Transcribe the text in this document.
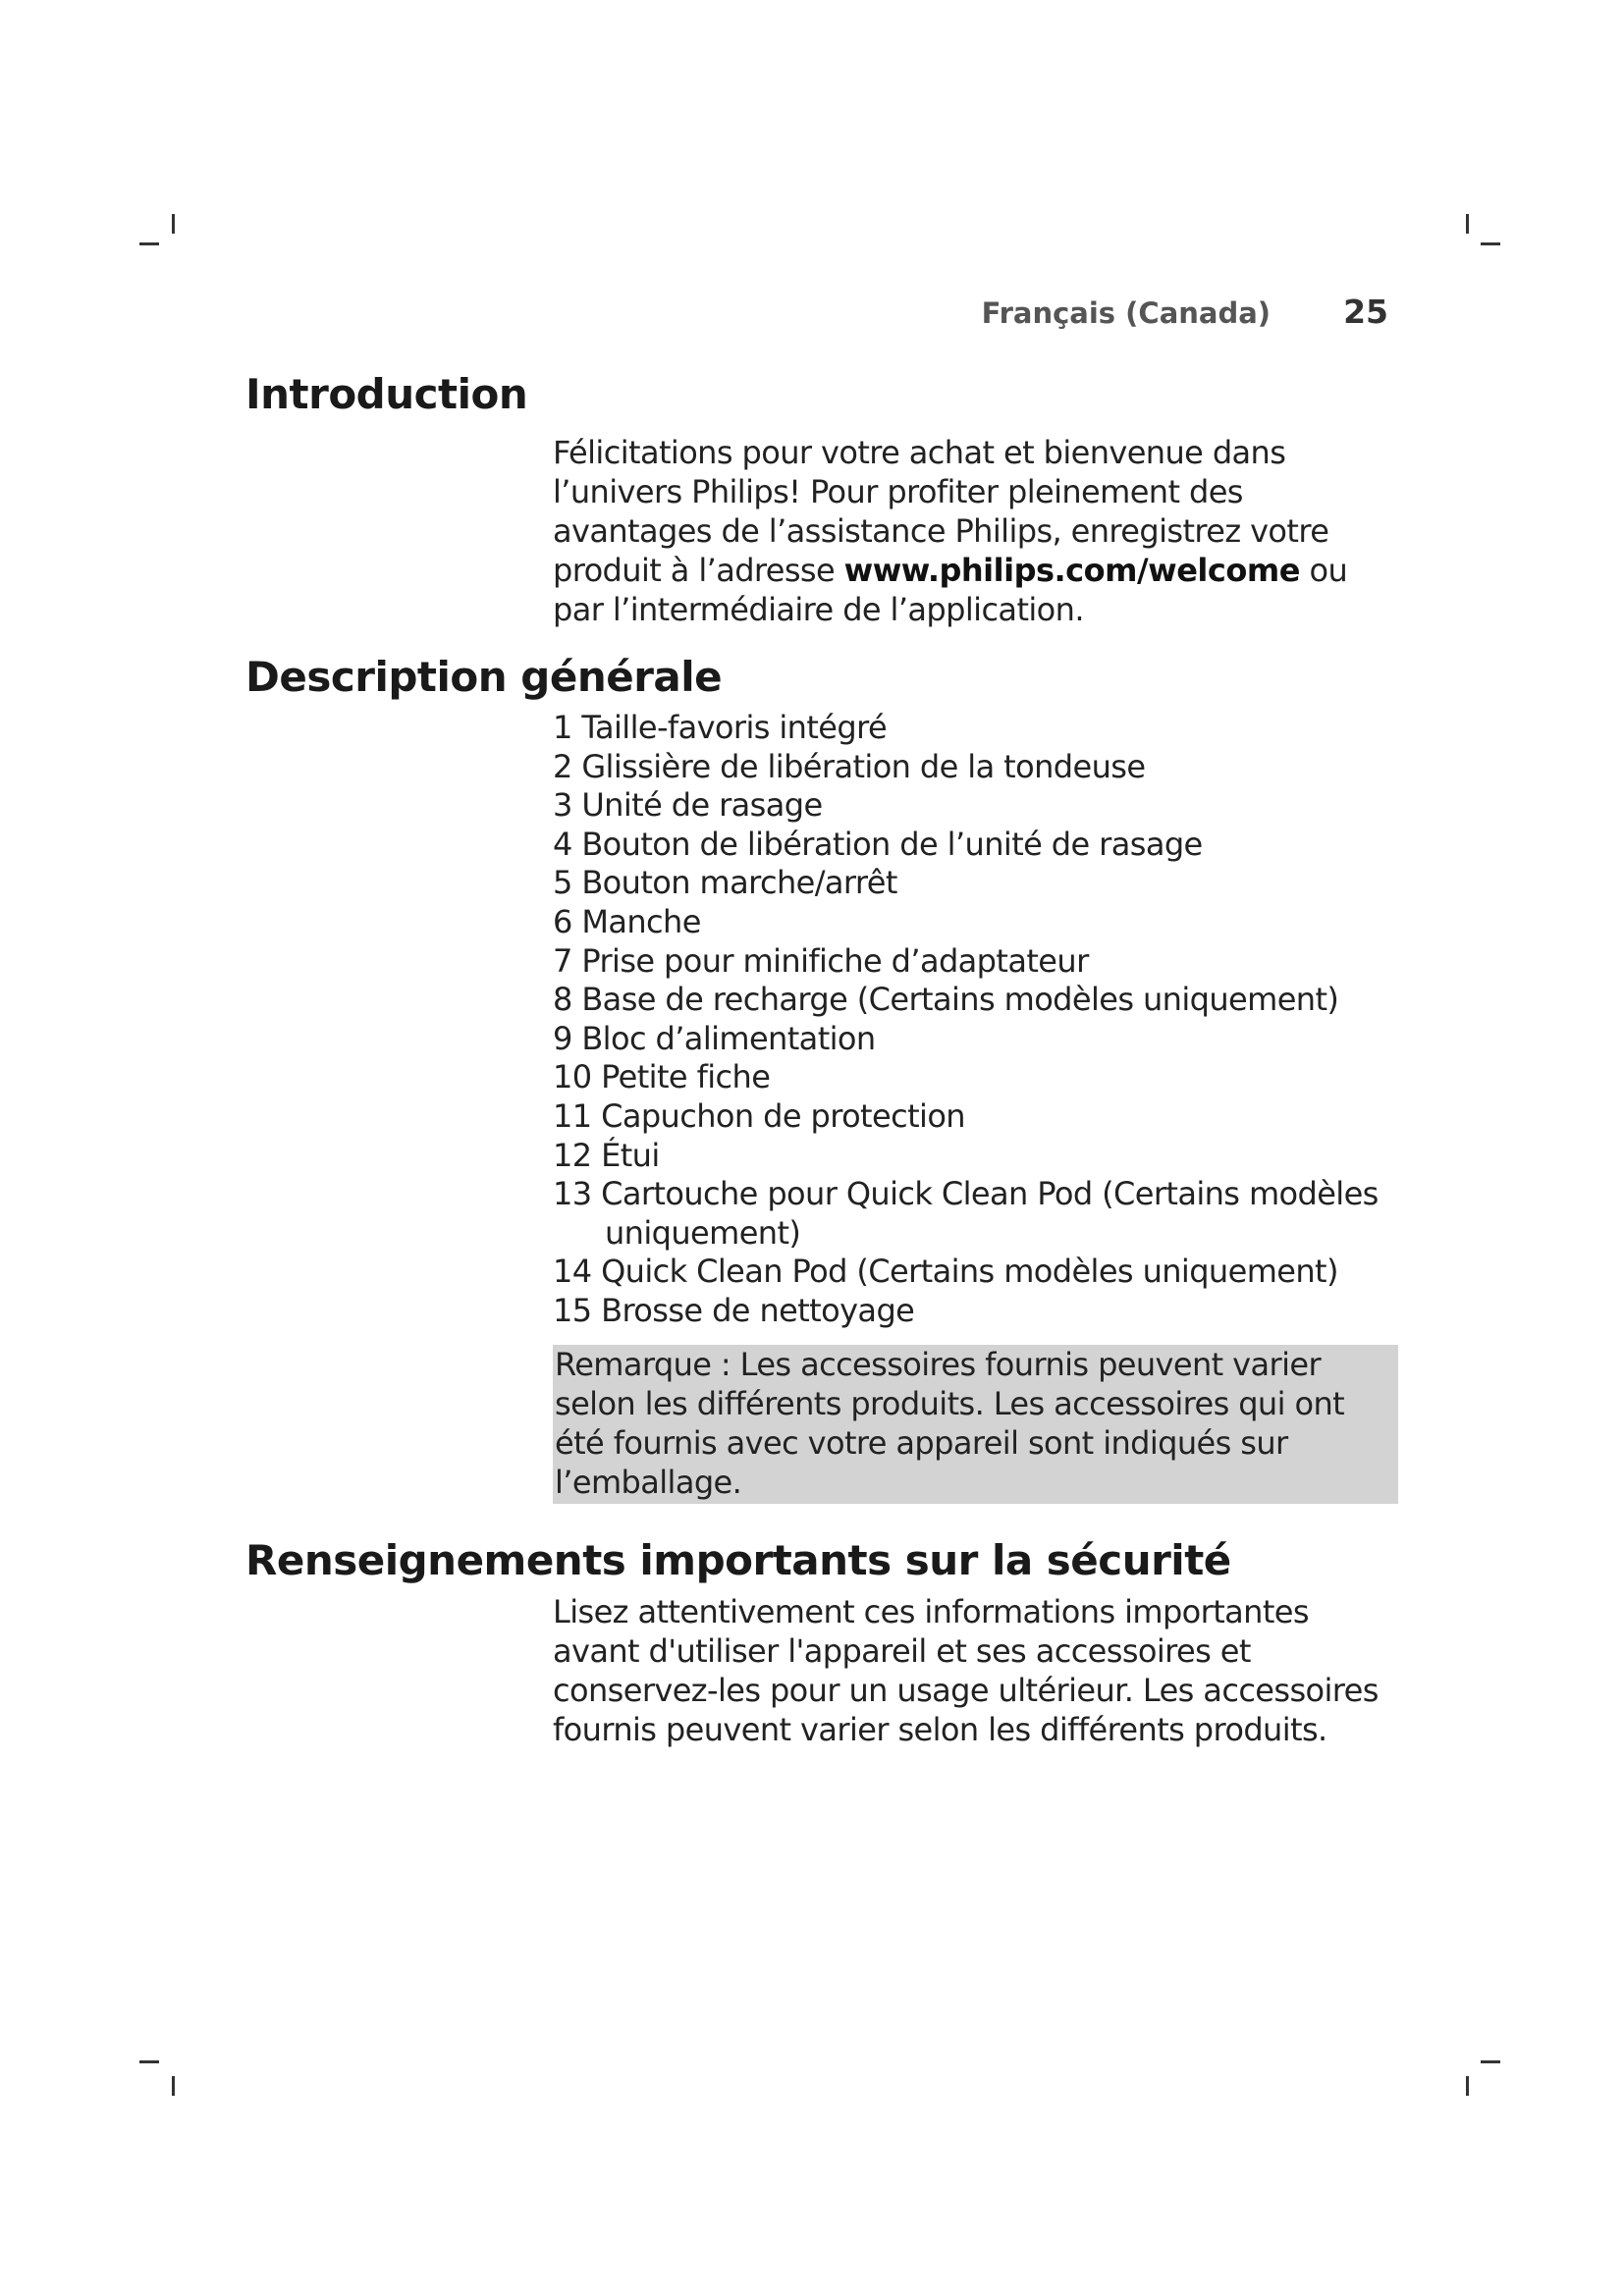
Français (Canada) 25
Introduction

Félicitations pour votre achat et bienvenue dans l’univers Philips! Pour profiter pleinement des avantages de l’assistance Philips, enregistrez votre produit à l’adresse www.philips.com/welcome ou par l’intermédiaire de l’application.

Description générale
1 Taille-favoris intégré
2 Glissière de libération de la tondeuse
3 Unité de rasage
4 Bouton de libération de l’unité de rasage
5 Bouton marche/arrêt
6 Manche
7 Prise pour minifiche d’adaptateur
8 Base de recharge (Certains modèles uniquement)
9 Bloc d’alimentation
10 Petite fiche
11 Capuchon de protection
12 Étui
13 Cartouche pour Quick Clean Pod (Certains modèles uniquement)
14 Quick Clean Pod (Certains modèles uniquement)
15 Brosse de nettoyage
Remarque : Les accessoires fournis peuvent varier selon les différents produits. Les accessoires qui ont été fournis avec votre appareil sont indiqués sur l’emballage.
Renseignements importants sur la sécurité

Lisez attentivement ces informations importantes avant d'utiliser l'appareil et ses accessoires et conservez-les pour un usage ultérieur. Les accessoires fournis peuvent varier selon les différents produits.
